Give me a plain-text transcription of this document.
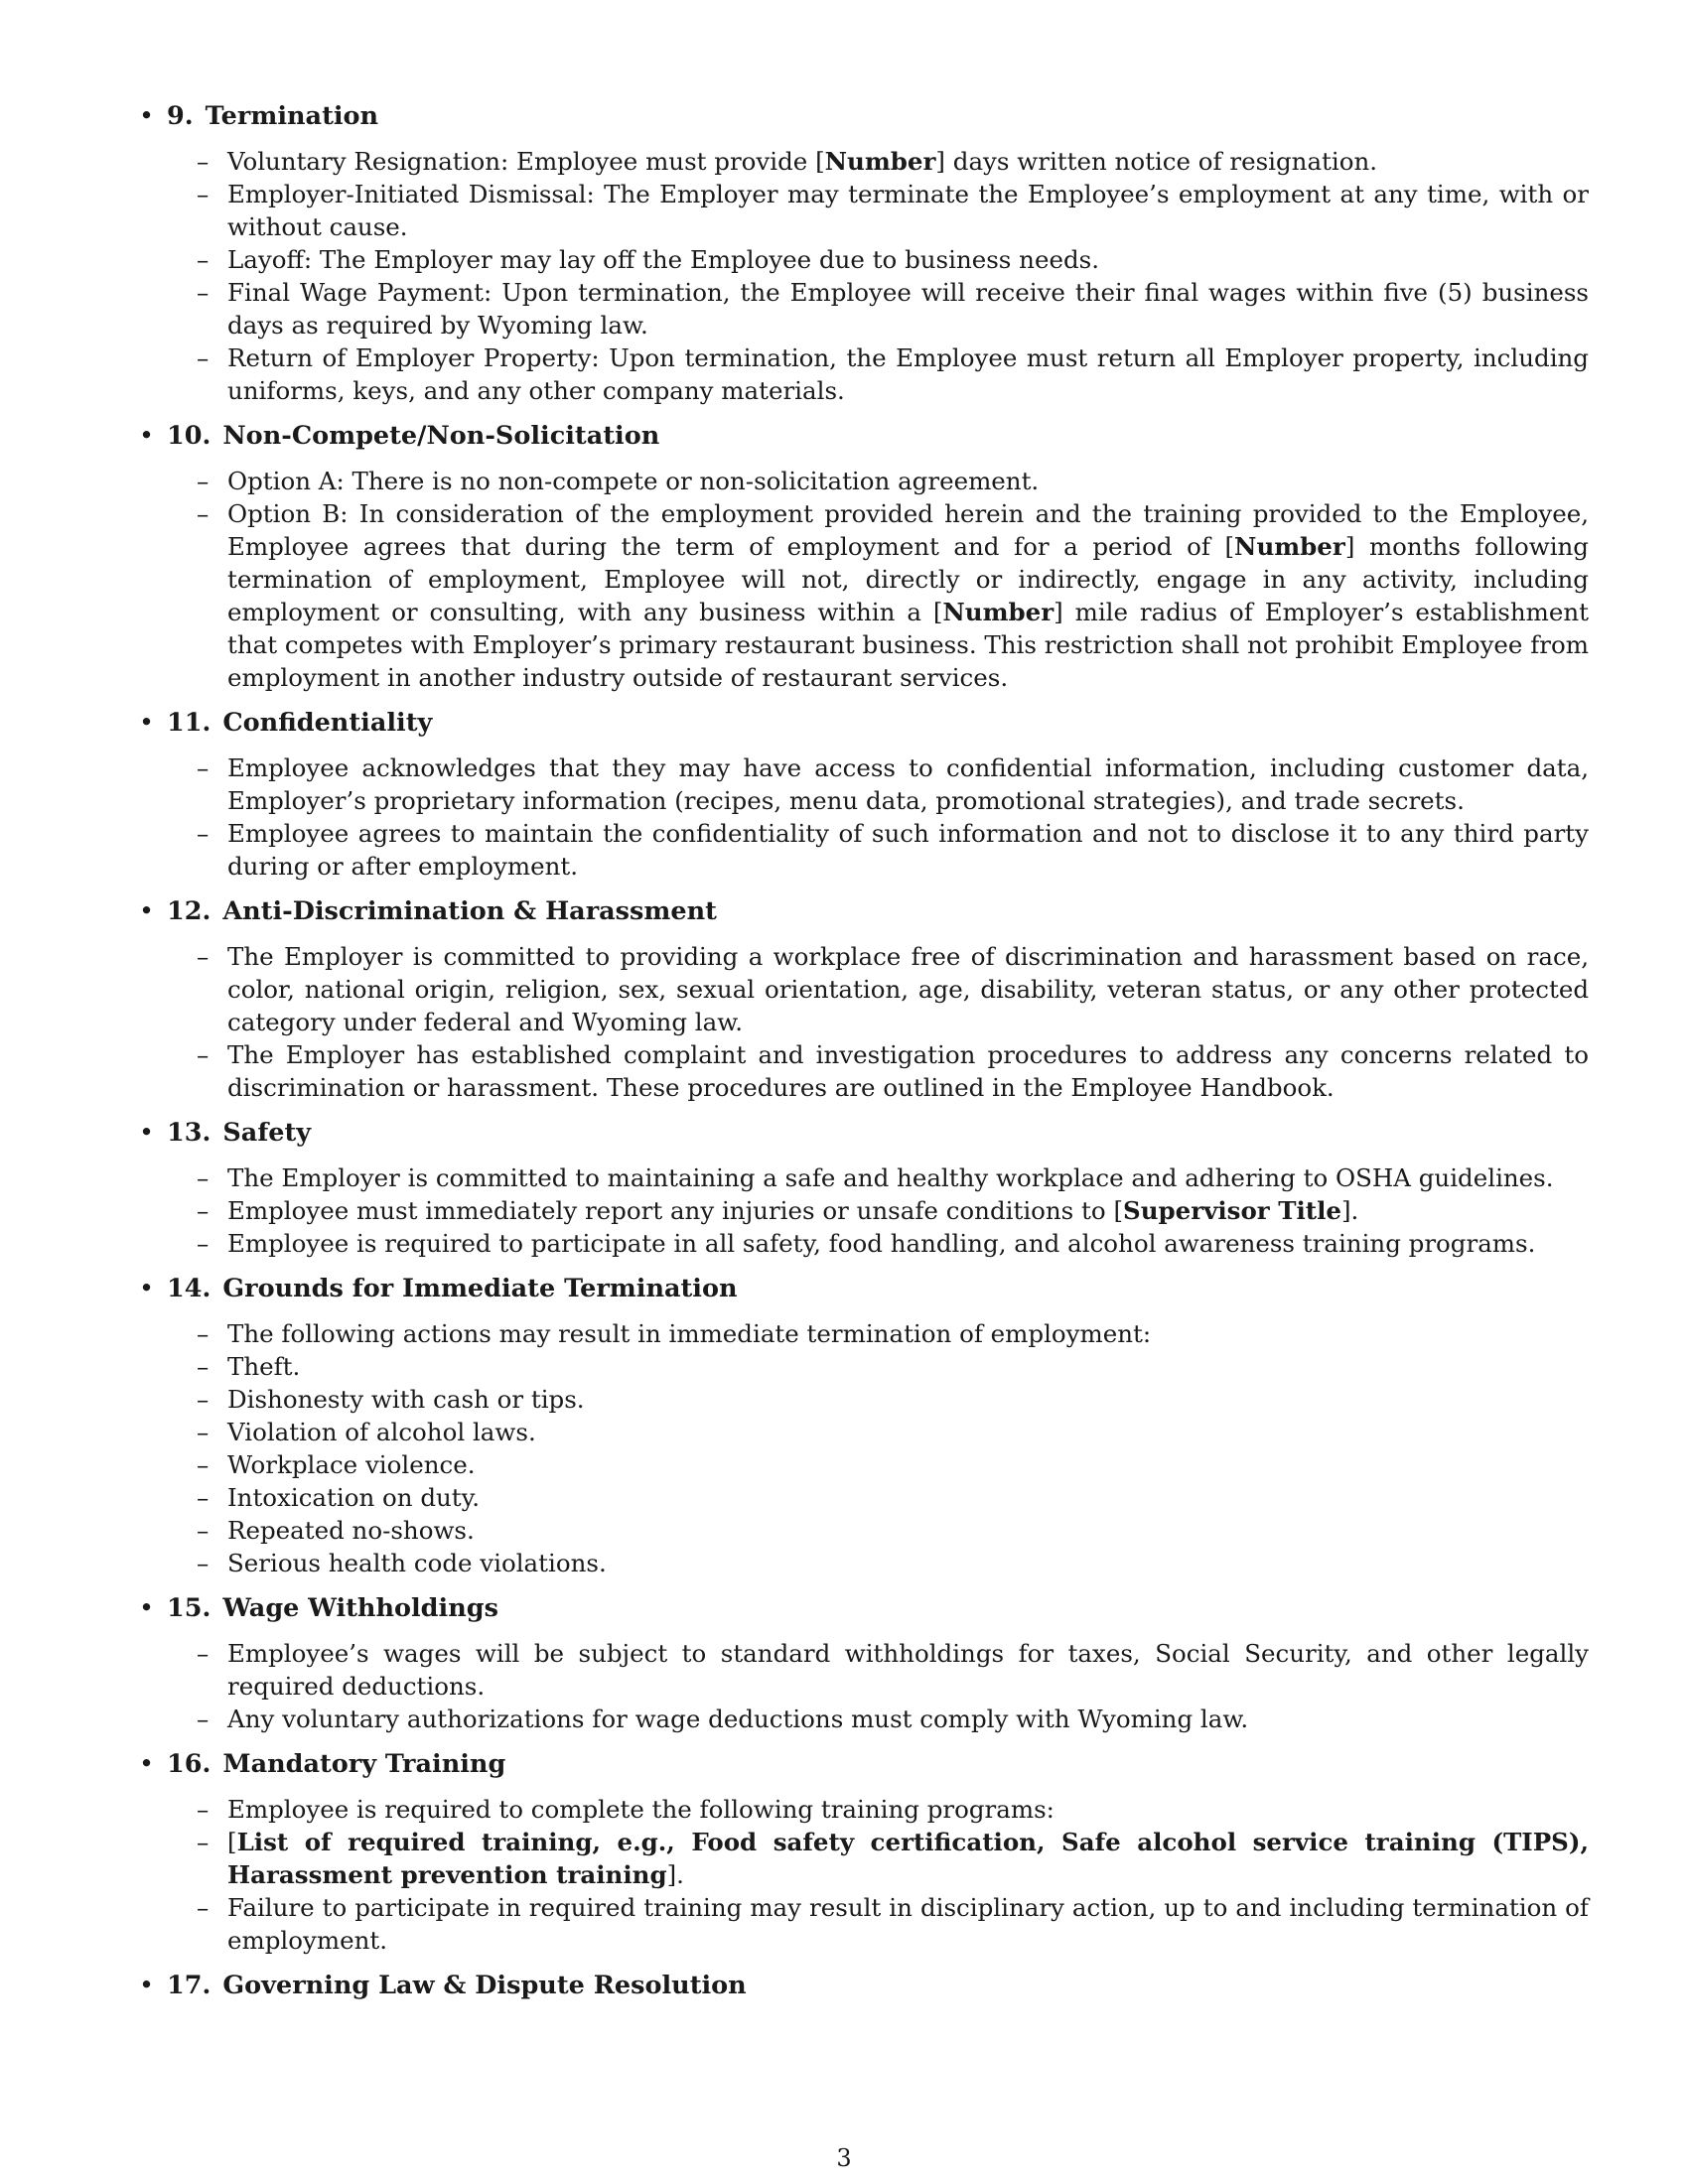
• 9. Termination
– Voluntary Resignation: Employee must provide [Number] days written notice of resignation.
– Employer-Initiated Dismissal: The Employer may terminate the Employee’s employment at any time, with or without cause.
– Layoff: The Employer may lay off the Employee due to business needs.
– Final Wage Payment: Upon termination, the Employee will receive their final wages within five (5) business days as required by Wyoming law.
– Return of Employer Property: Upon termination, the Employee must return all Employer property, including uniforms, keys, and any other company materials.
• 10. Non-Compete/Non-Solicitation
– Option A: There is no non-compete or non-solicitation agreement.
– Option B: In consideration of the employment provided herein and the training provided to the Employee, Employee agrees that during the term of employment and for a period of [Number] months following termination of employment, Employee will not, directly or indirectly, engage in any activity, including employment or consulting, with any business within a [Number] mile radius of Employer’s establishment that competes with Employer’s primary restaurant business. This restriction shall not prohibit Employee from employment in another industry outside of restaurant services.
• 11. Confidentiality
– Employee acknowledges that they may have access to confidential information, including customer data, Employer’s proprietary information (recipes, menu data, promotional strategies), and trade secrets.
– Employee agrees to maintain the confidentiality of such information and not to disclose it to any third party during or after employment.
• 12. Anti-Discrimination & Harassment
– The Employer is committed to providing a workplace free of discrimination and harassment based on race, color, national origin, religion, sex, sexual orientation, age, disability, veteran status, or any other protected category under federal and Wyoming law.
– The Employer has established complaint and investigation procedures to address any concerns related to discrimination or harassment. These procedures are outlined in the Employee Handbook.
• 13. Safety
– The Employer is committed to maintaining a safe and healthy workplace and adhering to OSHA guidelines.
– Employee must immediately report any injuries or unsafe conditions to [Supervisor Title].
– Employee is required to participate in all safety, food handling, and alcohol awareness training programs.
• 14. Grounds for Immediate Termination
– The following actions may result in immediate termination of employment:
– Theft.
– Dishonesty with cash or tips.
– Violation of alcohol laws.
– Workplace violence.
– Intoxication on duty.
– Repeated no-shows.
– Serious health code violations.
• 15. Wage Withholdings
– Employee’s wages will be subject to standard withholdings for taxes, Social Security, and other legally required deductions.
– Any voluntary authorizations for wage deductions must comply with Wyoming law.
• 16. Mandatory Training
– Employee is required to complete the following training programs:
– [List of required training, e.g., Food safety certification, Safe alcohol service training (TIPS), Harassment prevention training].
– Failure to participate in required training may result in disciplinary action, up to and including termination of employment.
• 17. Governing Law & Dispute Resolution
3
